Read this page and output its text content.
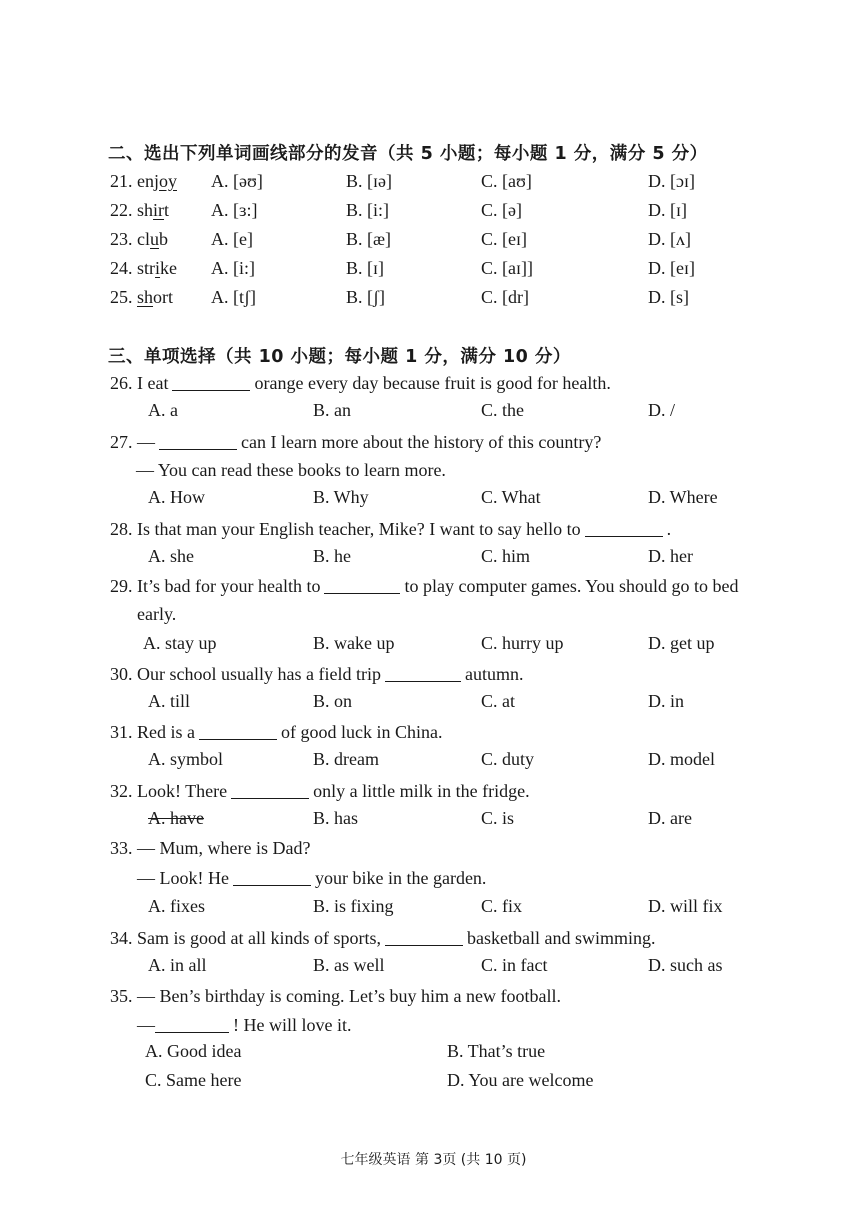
二、选出下列单词画线部分的发音（共 5 小题；每小题 1 分，满分 5 分）
21. enjoy A. [əʊ]	B. [ɪə]	C. [aʊ]	D. [ɔɪ]
22. shirt A. [ɜ:]	B. [i:]	C. [ə]	D. [ɪ]
23. club A. [e]	B. [æ]	C. [eɪ]	D. [ʌ]
24. strike A. [i:]	B. [ɪ]	C. [aɪ]]	D. [eɪ]
25. short A. [tʃ]	B. [ʃ]	C. [dr]	D. [s]
三、单项选择（共 10 小题；每小题 1 分，满分 10 分）
26. I eat	orange every day because fruit is good for health.
A. a	B. an	C. the	D. /
27. —	can I learn more about the history of this country?
— You can read these books to learn more.
A. How	B. Why	C. What	D. Where
28. Is that man your English teacher, Mike? I want to say hello to	.
A. she	B. he	C. him	D. her
29. It’s bad for your health to	to play computer games. You should go to bed
early.
A. stay up	B. wake up	C. hurry up	D. get up
30. Our school usually has a field trip	autumn.
A. till	B. on	C. at	D. in
31. Red is a	of good luck in China.
A. symbol	B. dream	C. duty	D. model
32. Look! There	only a little milk in the fridge.
A. have	B. has	C. is	D. are
33. — Mum, where is Dad?
— Look! He	your bike in the garden.
A. fixes	B. is fixing	C. fix	D. will fix
34. Sam is good at all kinds of sports,	basketball and swimming.
A. in all	B. as well	C. in fact	D. such as
35. — Ben’s birthday is coming. Let’s buy him a new football.
—	! He will love it.
A. Good idea	B. That’s true
C. Same here	D. You are welcome
七年级英语 第 3页 (共 10 页)
